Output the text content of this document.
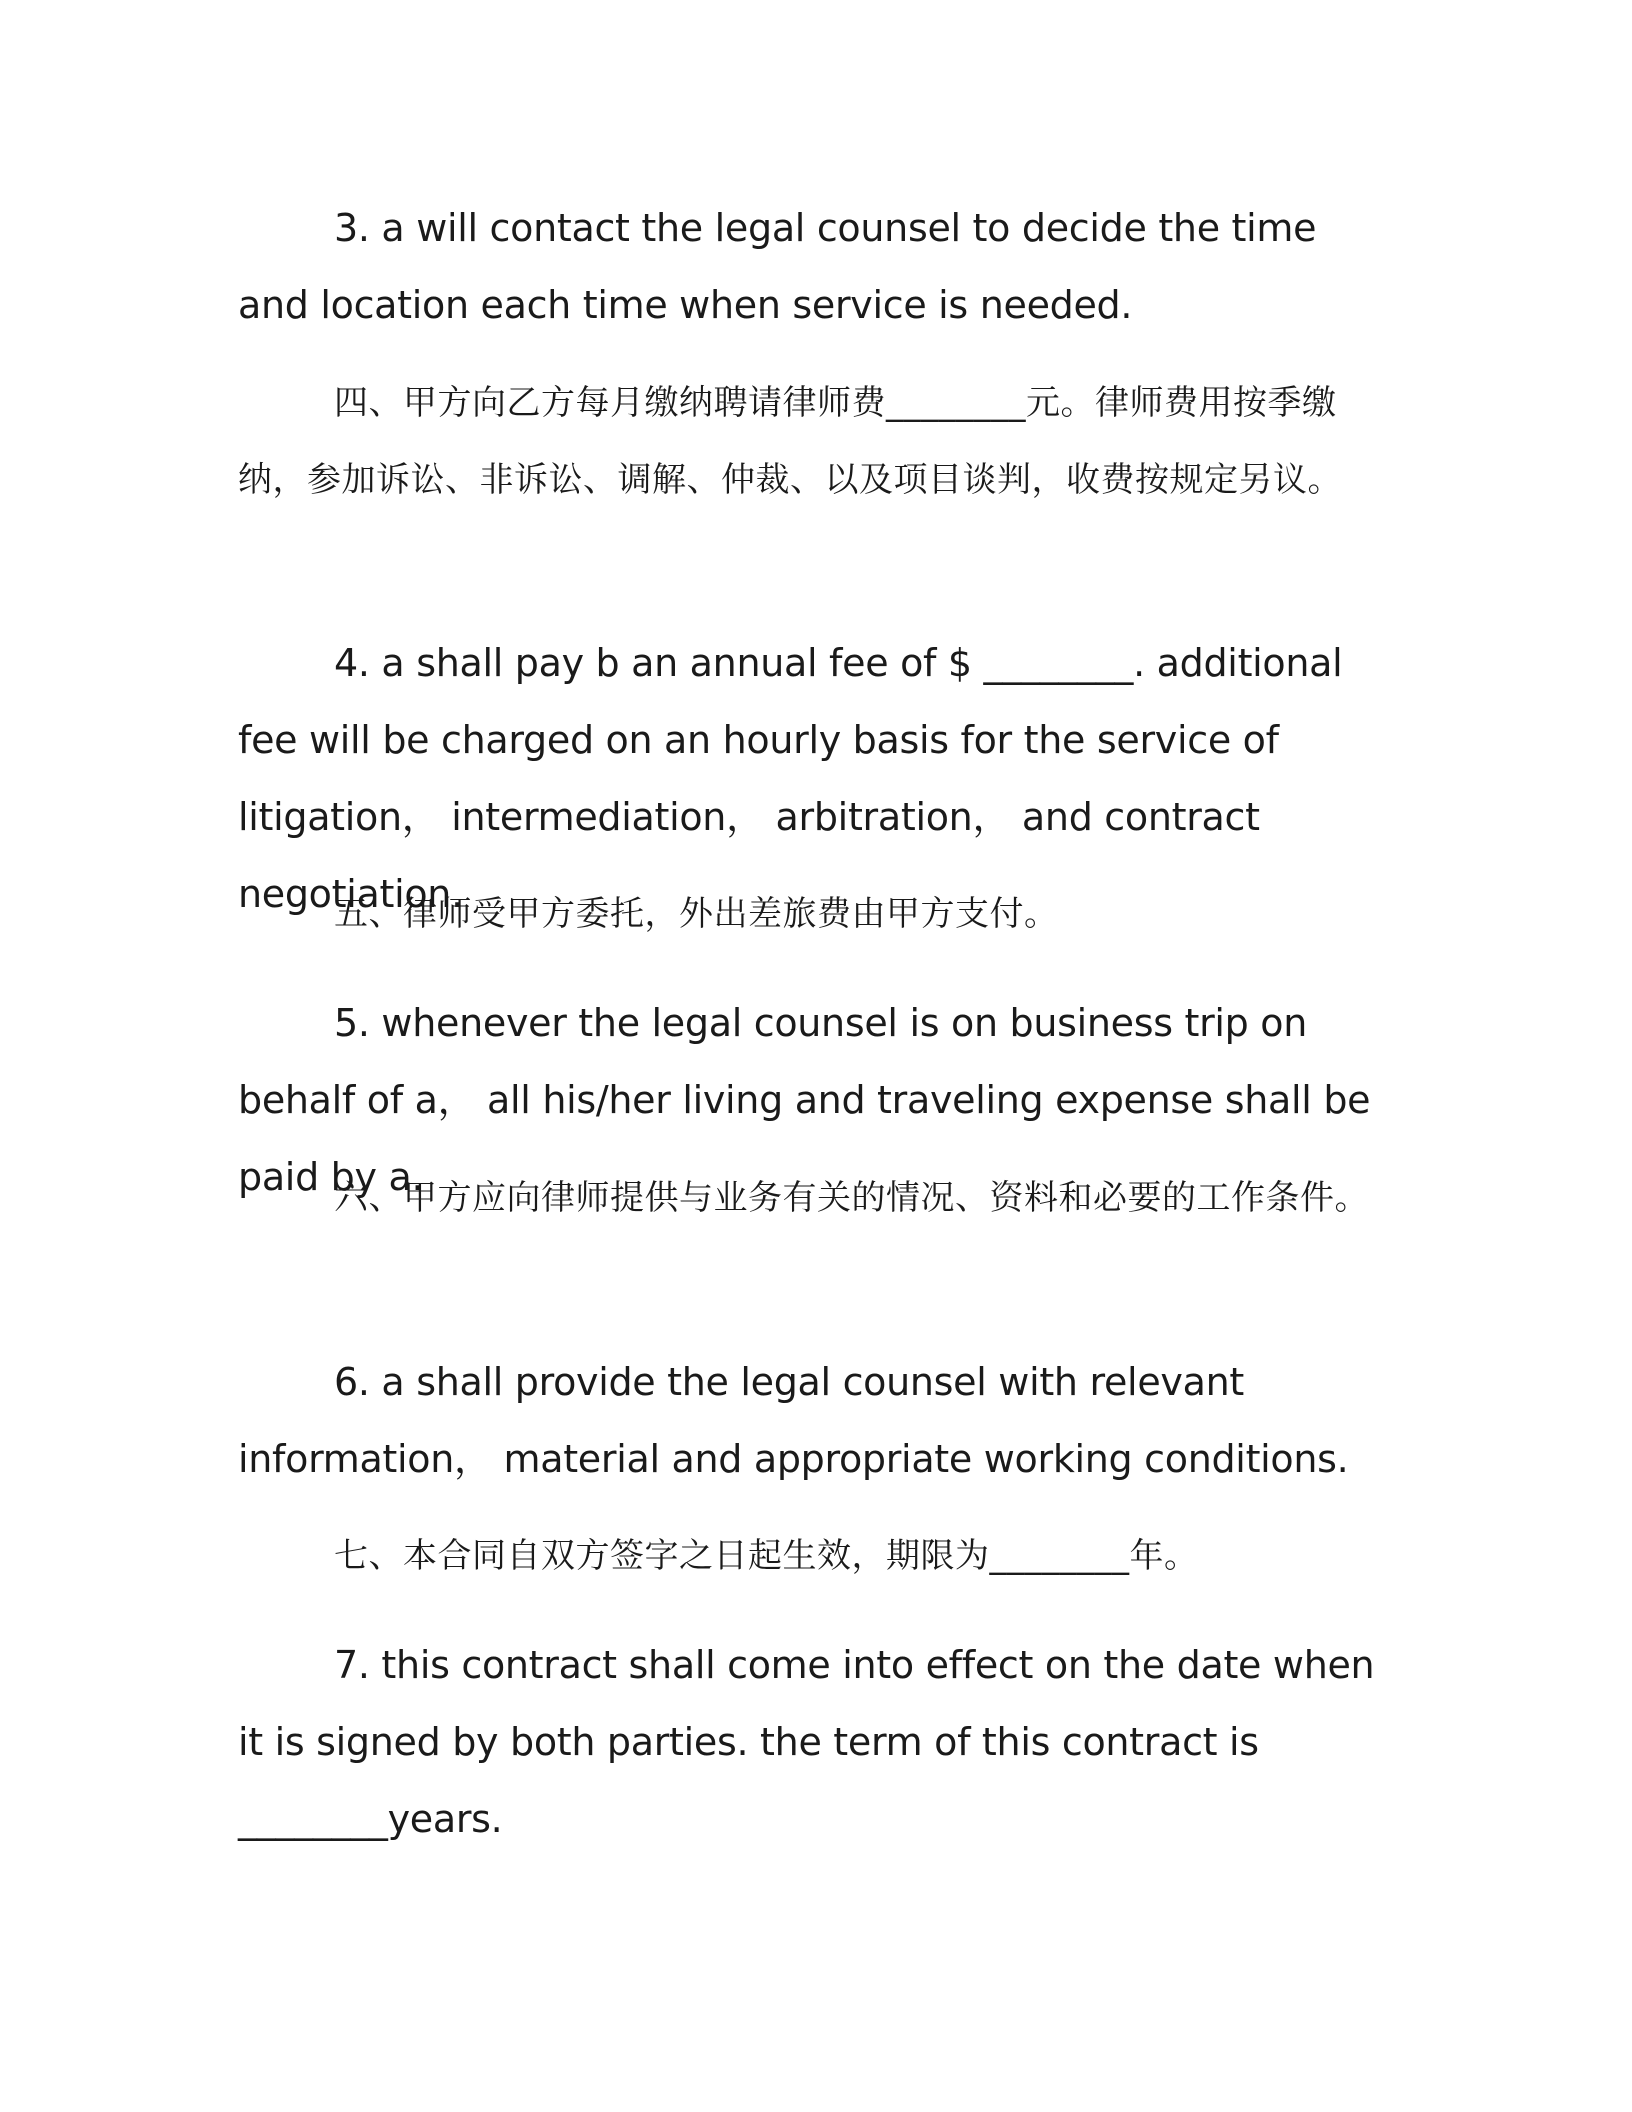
3. a will contact the legal counsel to decide the time and location each time when service is needed.

四、甲方向乙方每月缴纳聘请律师费________元。律师费用按季缴纳，参加诉讼、非诉讼、调解、仲裁、以及项目谈判，收费按规定另议。

4. a shall pay b an annual fee of $ ________. additional fee will be charged on an hourly basis for the service of litigation， intermediation， arbitration， and contract negotiation.

五、律师受甲方委托，外出差旅费由甲方支付。

5. whenever the legal counsel is on business trip on behalf of a， all his/her living and traveling expense shall be paid by a.

六、甲方应向律师提供与业务有关的情况、资料和必要的工作条件。

6. a shall provide the legal counsel with relevant information， material and appropriate working conditions.

七、本合同自双方签字之日起生效，期限为________年。

7. this contract shall come into effect on the date when it is signed by both parties. the term of this contract is ________years.
